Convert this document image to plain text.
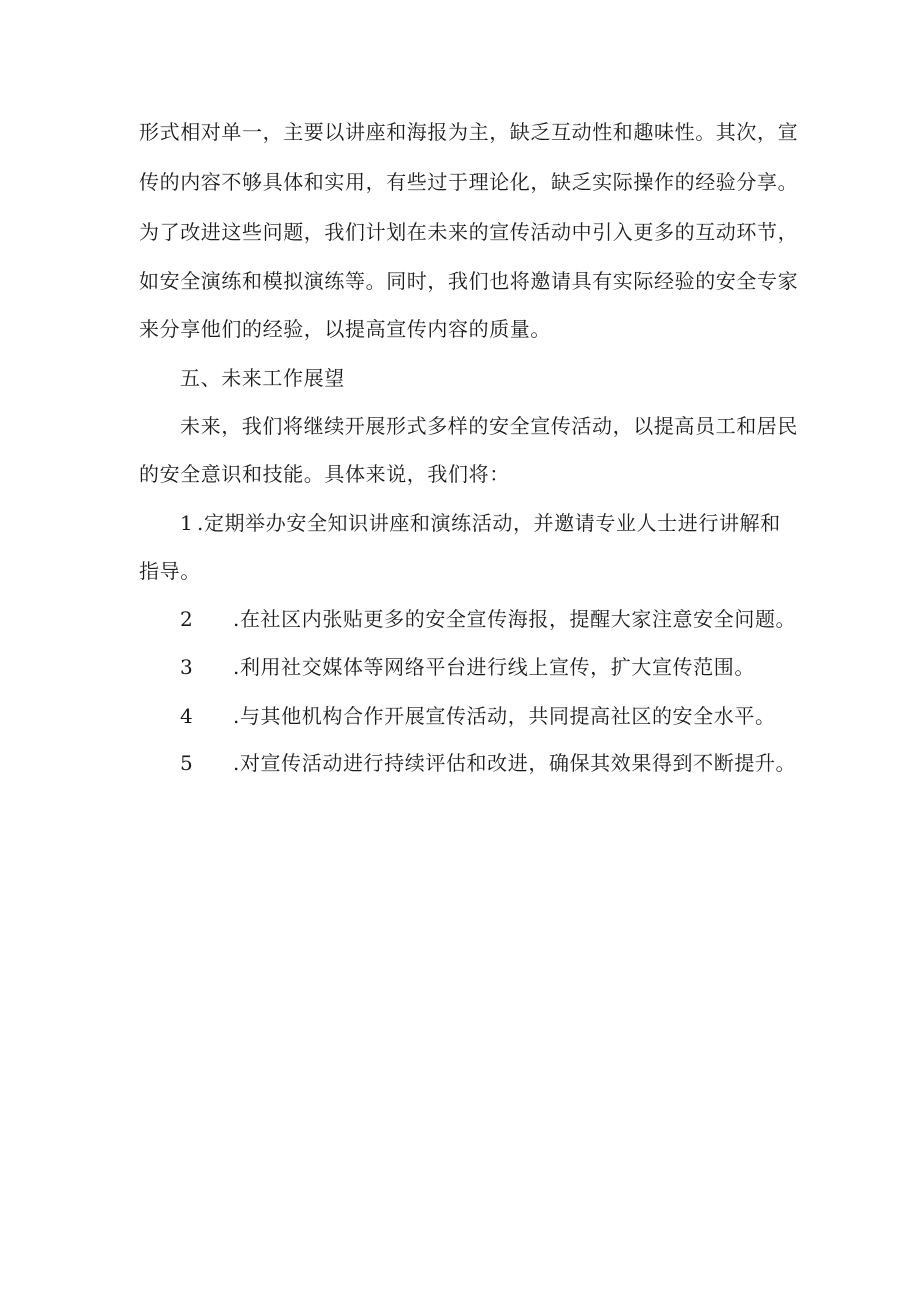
形式相对单一，主要以讲座和海报为主，缺乏互动性和趣味性。其次，宣
传的内容不够具体和实用，有些过于理论化，缺乏实际操作的经验分享。
为了改进这些问题，我们计划在未来的宣传活动中引入更多的互动环节，
如安全演练和模拟演练等。同时，我们也将邀请具有实际经验的安全专家
来分享他们的经验，以提高宣传内容的质量。
五、未来工作展望
未来，我们将继续开展形式多样的安全宣传活动，以提高员工和居民
的安全意识和技能。具体来说，我们将：
1 .定期举办安全知识讲座和演练活动，并邀请专业人士进行讲解和
指导。
2 .在社区内张贴更多的安全宣传海报，提醒大家注意安全问题。
3 .利用社交媒体等网络平台进行线上宣传，扩大宣传范围。
4 .与其他机构合作开展宣传活动，共同提高社区的安全水平。
5 .对宣传活动进行持续评估和改进，确保其效果得到不断提升。
